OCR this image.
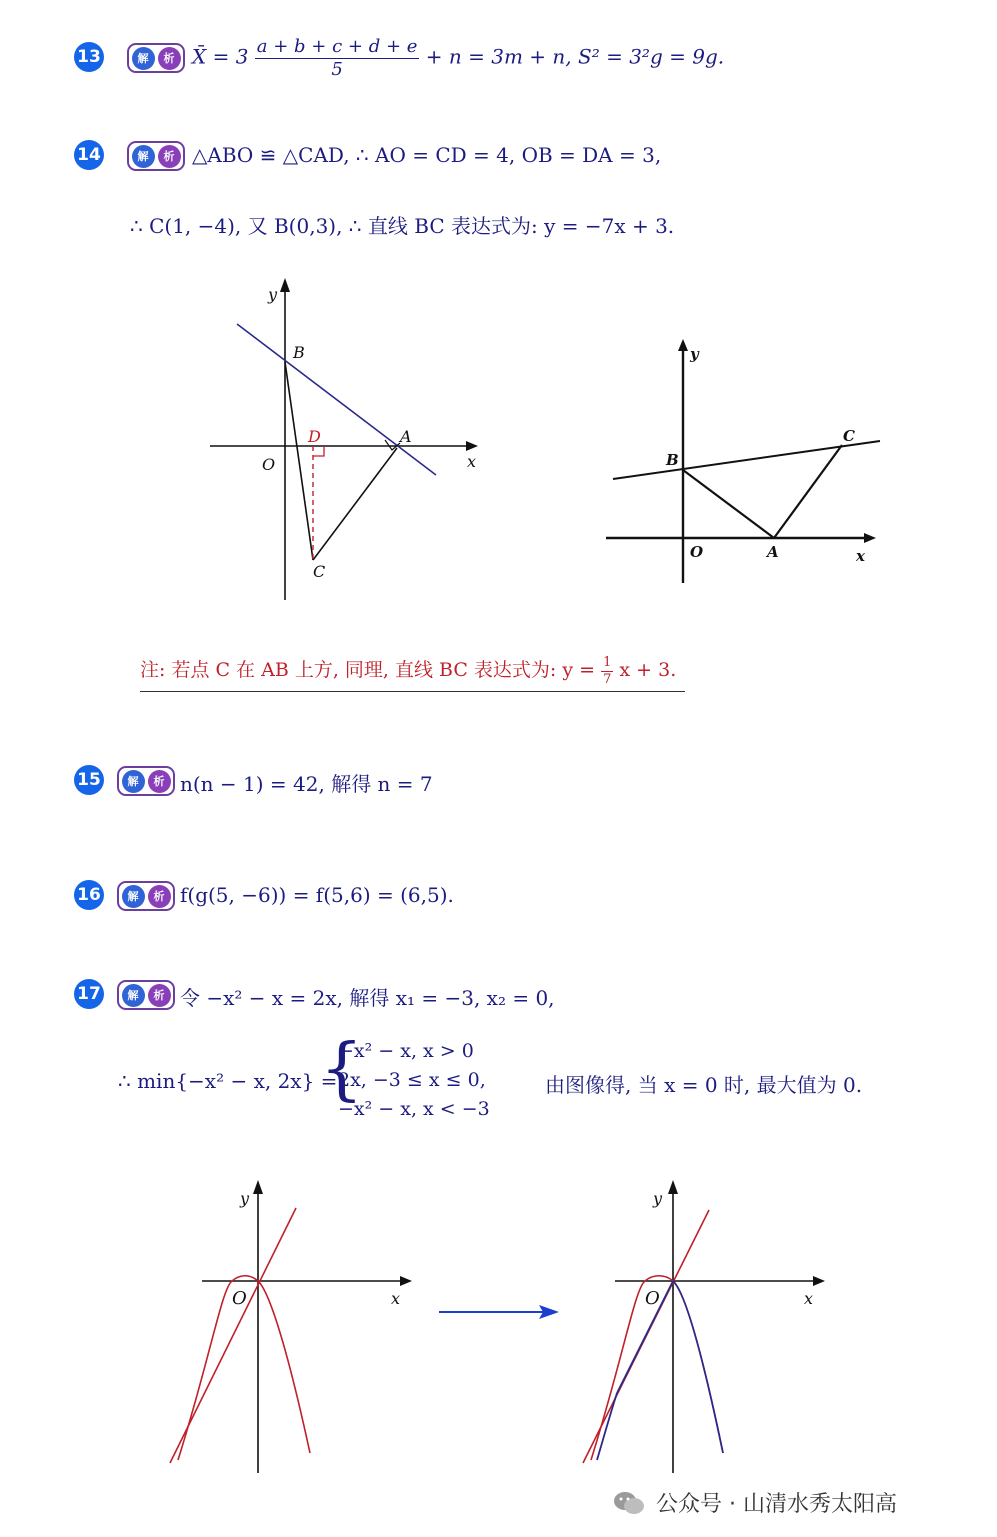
13	解	析 X̄ = $3 \frac{a + b + c + d + e}{5} + n = 3m + n$, S² = 3²g = 9g.
14	解	析 △ABO ≌ △CAD, ∴ AO = CD = 4, OB = DA = 3,
∴ C(1, −4), 又 B(0,3), ∴ 直线 BC 表达式为: y = −7x + 3.
y
x
O
B
D	A
C
y
x
O
B
A
C
注: 若点 C 在 AB 上方, 同理, 直线 BC 表达式为: $y = \frac{1}{7}$ x + 3.
15	解	析 n(n − 1) = 42, 解得 n = 7
16	解	析 f(g(5, −6)) = f(5,6) = (6,5).
17	解	析 令 −x² − x = 2x, 解得 x₁ = −3, x₂ = 0,
∴ min{−x² − x, 2x} =
{
−x² − x, x > 0
2x, −3 ≤ x ≤ 0,
−x² − x, x < −3
由图像得, 当 x = 0 时, 最大值为 0.
y
x
O
y
x
O
公众号 · 山清水秀太阳高
